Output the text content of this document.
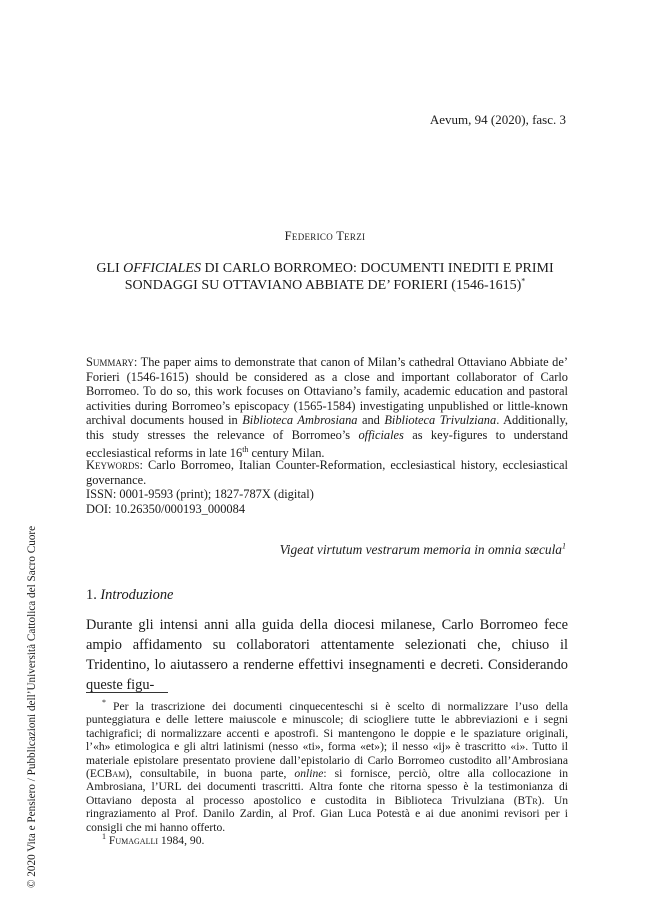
Aevum, 94 (2020), fasc. 3
Federico Terzi
GLI OFFICIALES DI CARLO BORROMEO: DOCUMENTI INEDITI E PRIMI
SONDAGGI SU OTTAVIANO ABBIATE DE’ FORIERI (1546-1615)*
Summary: The paper aims to demonstrate that canon of Milan’s cathedral Ottaviano Abbiate de’ Forieri (1546-1615) should be considered as a close and important collaborator of Carlo Borromeo. To do so, this work focuses on Ottaviano’s family, academic education and pastoral activities during Borromeo’s episcopacy (1565-1584) investigating unpublished or little-known archival documents housed in Biblioteca Ambrosiana and Biblioteca Trivulziana. Additionally, this study stresses the relevance of Borromeo’s officiales as key-figures to understand ecclesiastical reforms in late 16th century Milan.
Keywords: Carlo Borromeo, Italian Counter-Reformation, ecclesiastical history, ecclesiastical governance.
ISSN: 0001-9593 (print); 1827-787X (digital)
DOI: 10.26350/000193_000084
Vigeat virtutum vestrarum memoria in omnia sæcula$^1$
1. Introduzione
Durante gli intensi anni alla guida della diocesi milanese, Carlo Borromeo fece ampio affidamento su collaboratori attentamente selezionati che, chiuso il Tridentino, lo aiutassero a renderne effettivi insegnamenti e decreti. Considerando queste figu-

* Per la trascrizione dei documenti cinquecenteschi si è scelto di normalizzare l’uso della punteggiatura e delle lettere maiuscole e minuscole; di sciogliere tutte le abbreviazioni e i segni tachigrafici; di normalizzare accenti e apostrofi. Si mantengono le doppie e le spaziature originali, l’«h» etimologica e gli altri latinismi (nesso «ti», forma «et»); il nesso «ij» è trascritto «i». Tutto il materiale epistolare presentato proviene dall’epistolario di Carlo Borromeo custodito all’Ambrosiana (ECBam), consultabile, in buona parte, online: si fornisce, perciò, oltre alla collocazione in Ambrosiana, l’URL dei documenti trascritti. Altra fonte che ritorna spesso è la testimonianza di Ottaviano deposta al processo apostolico e custodita in Biblioteca Trivulziana (BTr). Un ringraziamento al Prof. Danilo Zardin, al Prof. Gian Luca Potestà e ai due anonimi revisori per i consigli che mi hanno offerto.

$^1$ Fumagalli 1984, 90.

© 2020 Vita e Pensiero / Pubblicazioni dell’Università Cattolica del Sacro Cuore
